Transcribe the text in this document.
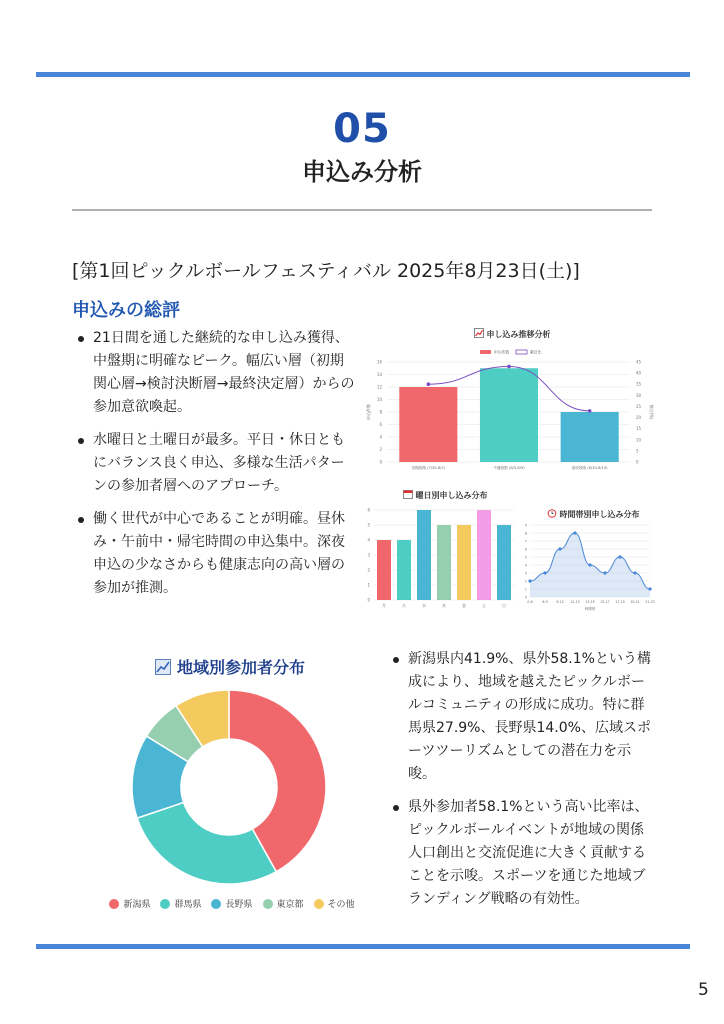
05
申込み分析
[第1回ピックルボールフェスティバル 2025年8月23日(土)]
申込みの総評
21日間を通した継続的な申し込み獲得、中盤期に明確なピーク。幅広い層（初期関心層→検討決断層→最終決定層）からの参加意欲喚起。
水曜日と土曜日が最多。平日・休日ともにバランス良く申込、多様な生活パターンの参加者層へのアプローチ。
働く世代が中心であることが明確。昼休み・午前中・帰宅時間の申込集中。深夜申込の少なさからも健康志向の高い層の参加が推測。
申し込み推移分析
0
2
4
6
8
10
12
14
16
0
5
10
15
20
25
30
35
40
45
申込件数	割合(%)
初期段階 (7/30-8/2)	中盤段階 (8/3-8/9)	最終段階 (8/10-8/19)
申込件数	累計比
曜日別申し込み分布
0
1
2
3
4
5
6
月	火	水	木	金	土	日
時間帯別申し込み分布
0
1
2
3
4
5
6
7
8
9
0-6	6-9	9-12 12-13 13-15 15-17 17-19 19-21 21-23
時間帯
地域別参加者分布
新潟県	群馬県	長野県	東京都	その他
新潟県内41.9%、県外58.1%という構成により、地域を越えたピックルボールコミュニティの形成に成功。特に群馬県27.9%、長野県14.0%、広域スポーツツーリズムとしての潜在力を示唆。
県外参加者58.1%という高い比率は、ピックルボールイベントが地域の関係人口創出と交流促進に大きく貢献することを示唆。スポーツを通じた地域ブランディング戦略の有効性。
5
